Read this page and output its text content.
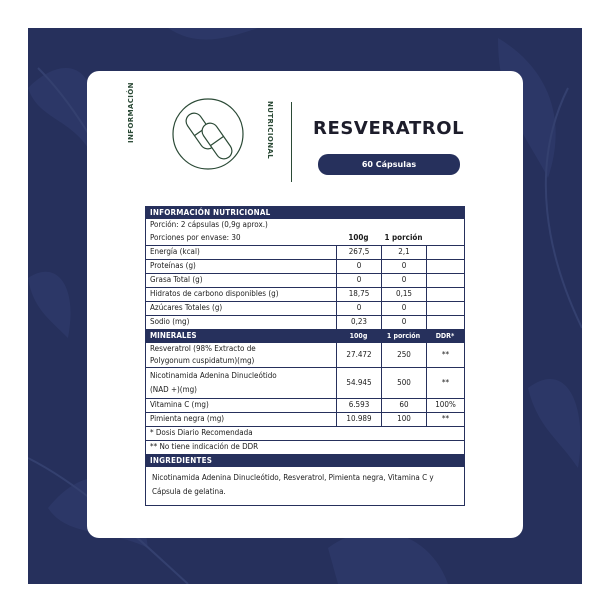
INFORMACIÓN	NUTRICIONAL RESVERATROL
60 Cápsulas
INFORMACIÓN NUTRICIONAL
Porción: 2 cápsulas (0,9g aprox.)
Porciones por envase: 30	100g	1 porción
Energía (kcal)	267,5	2,1
Proteínas (g)	0	0
Grasa Total (g)	0	0
Hidratos de carbono disponibles (g)	18,75	0,15
Azúcares Totales (g)	0	0
Sodio (mg)	0,23	0
MINERALES	100g	1 porción	DDR*
Resveratrol (98% Extracto de
Polygonum cuspidatum)(mg)
27.472	250	**
Nicotinamida Adenina Dinucleótido
(NAD +)(mg)
54.945	500	**
Vitamina C (mg)	6.593	60	100%
Pimienta negra (mg)	10.989	100	**
* Dosis Diario Recomendada
** No tiene indicación de DDR
INGREDIENTES
Nicotinamida Adenina Dinucleótido, Resveratrol, Pimienta negra, Vitamina C y Cápsula de gelatina.
